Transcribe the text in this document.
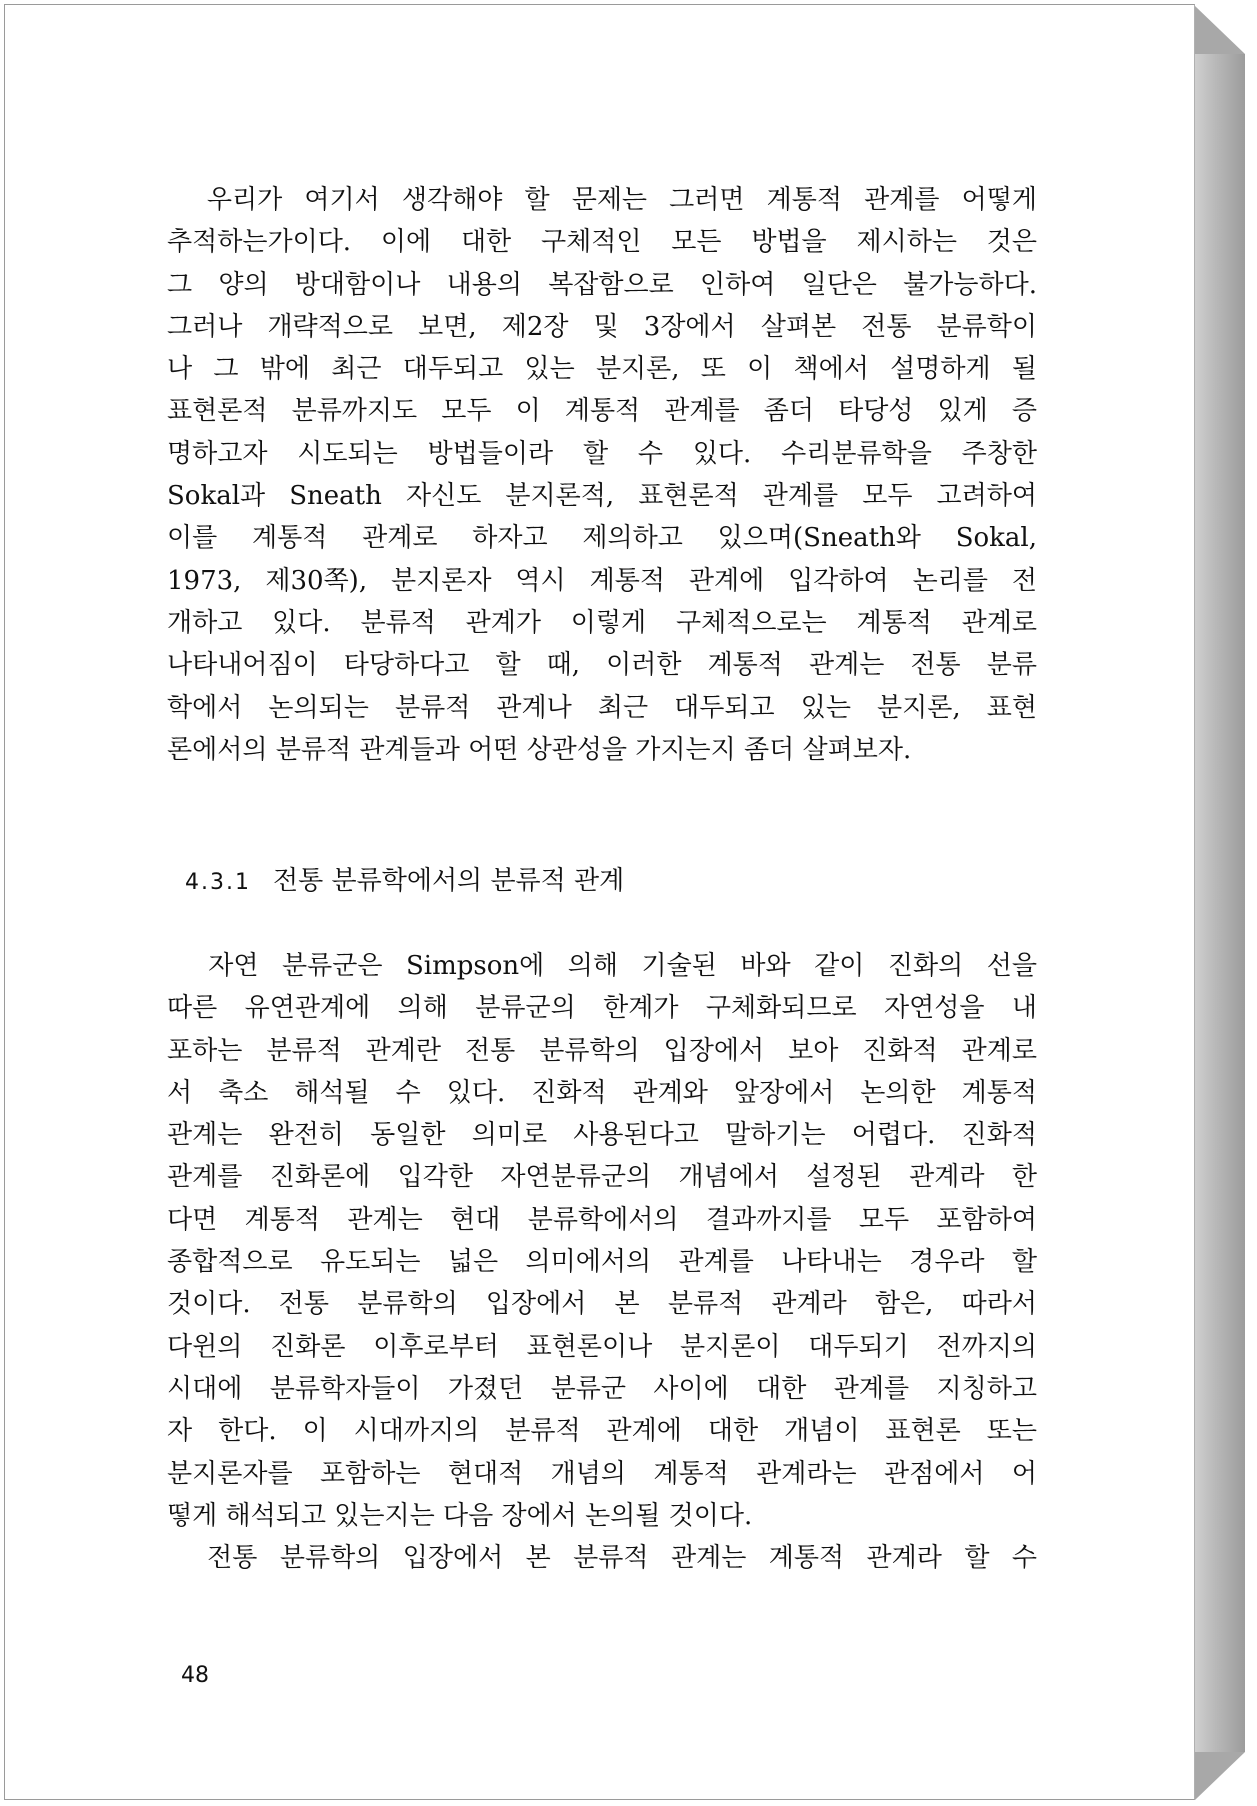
　우리가 여기서 생각해야 할 문제는 그러면 계통적 관계를 어떻게
추적하는가이다. 이에 대한 구체적인 모든 방법을 제시하는 것은
그 양의 방대함이나 내용의 복잡함으로 인하여 일단은 불가능하다.
그러나 개략적으로 보면, 제2장 및 3장에서 살펴본 전통 분류학이
나 그 밖에 최근 대두되고 있는 분지론, 또 이 책에서 설명하게 될
표현론적 분류까지도 모두 이 계통적 관계를 좀더 타당성 있게 증
명하고자 시도되는 방법들이라 할 수 있다. 수리분류학을 주창한
Sokal과 Sneath 자신도 분지론적, 표현론적 관계를 모두 고려하여
이를 계통적 관계로 하자고 제의하고 있으며(Sneath와 Sokal,
1973, 제30쪽), 분지론자 역시 계통적 관계에 입각하여 논리를 전
개하고 있다. 분류적 관계가 이렇게 구체적으로는 계통적 관계로
나타내어짐이 타당하다고 할 때, 이러한 계통적 관계는 전통 분류
학에서 논의되는 분류적 관계나 최근 대두되고 있는 분지론, 표현
론에서의 분류적 관계들과 어떤 상관성을 가지는지 좀더 살펴보자.
4.3.1 전통 분류학에서의 분류적 관계
　자연 분류군은 Simpson에 의해 기술된 바와 같이 진화의 선을
따른 유연관계에 의해 분류군의 한계가 구체화되므로 자연성을 내
포하는 분류적 관계란 전통 분류학의 입장에서 보아 진화적 관계로
서 축소 해석될 수 있다. 진화적 관계와 앞장에서 논의한 계통적
관계는 완전히 동일한 의미로 사용된다고 말하기는 어렵다. 진화적
관계를 진화론에 입각한 자연분류군의 개념에서 설정된 관계라 한
다면 계통적 관계는 현대 분류학에서의 결과까지를 모두 포함하여
종합적으로 유도되는 넓은 의미에서의 관계를 나타내는 경우라 할
것이다. 전통 분류학의 입장에서 본 분류적 관계라 함은, 따라서
다윈의 진화론 이후로부터 표현론이나 분지론이 대두되기 전까지의
시대에 분류학자들이 가졌던 분류군 사이에 대한 관계를 지칭하고
자 한다. 이 시대까지의 분류적 관계에 대한 개념이 표현론 또는
분지론자를 포함하는 현대적 개념의 계통적 관계라는 관점에서 어
떻게 해석되고 있는지는 다음 장에서 논의될 것이다.
　전통 분류학의 입장에서 본 분류적 관계는 계통적 관계라 할 수
48
